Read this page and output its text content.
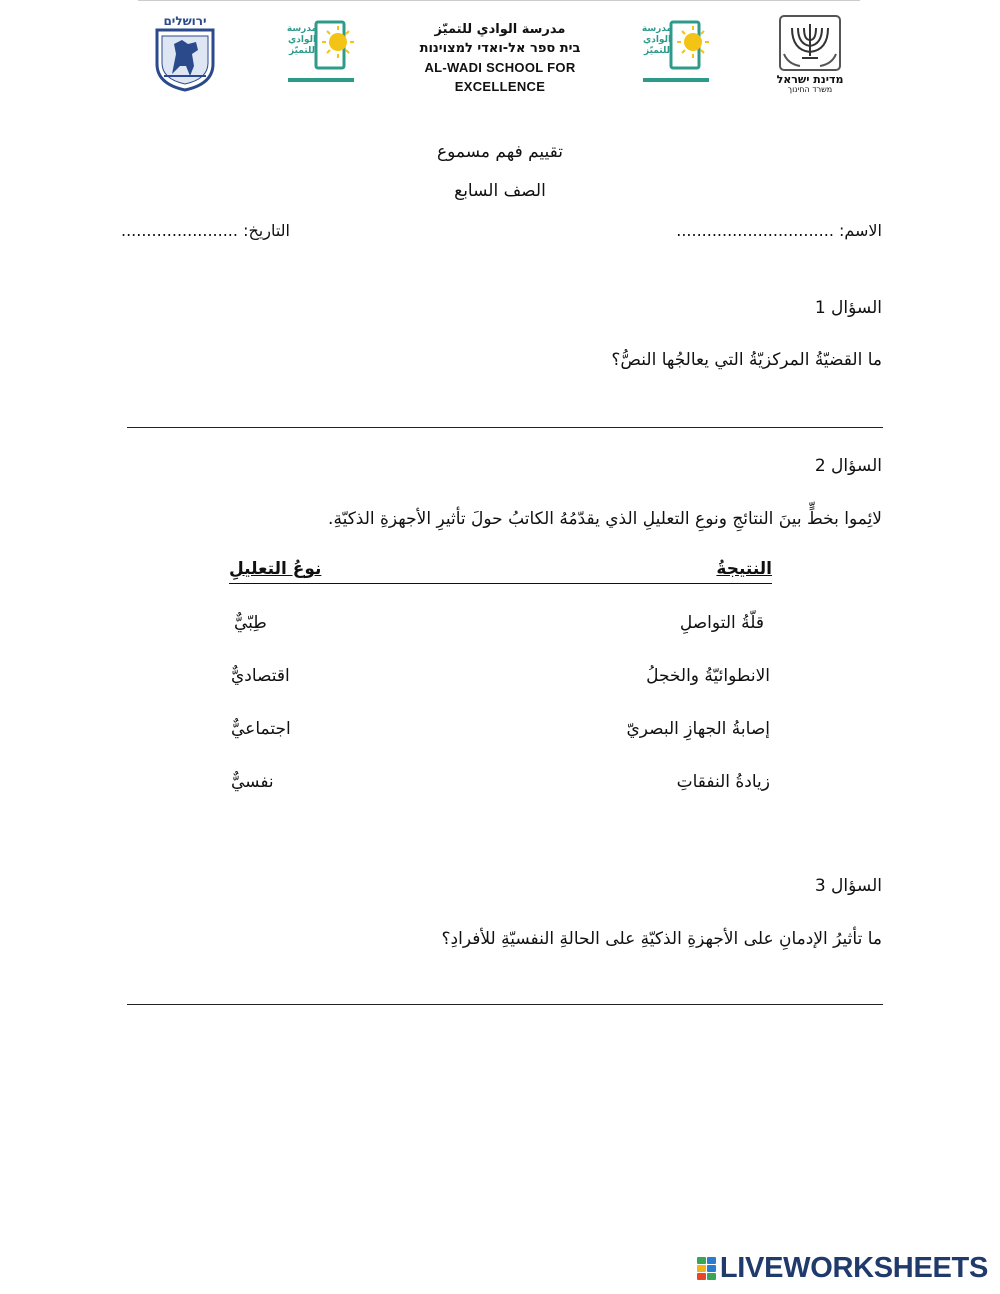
ירושלים
مدرسة الوادي للتميّز
مدرسة الوادي للتميّز
בית ספר אל-ואדי למצוינות
AL-WADI SCHOOL FOR EXCELLENCE
مدرسة الوادي للتميّز
מדינת ישראל
משרד החינוך
تقييم فهم مسموع
الصف السابع
الاسم: ...............................
التاريخ: .......................
السؤال 1
ما القضيّةُ المركزيّةُ التي يعالجُها النصُّ؟
السؤال 2
لائِموا بخطٍّ بينَ النتائجِ ونوعِ التعليلِ الذي يقدّمُهُ الكاتبُ حولَ تأثيرِ الأجهزةِ الذكيّةِ.
النتيجةُ
نوعُ التعليلِ
قلّةُ التواصلِ
الانطوائيّةُ والخجلُ
إصابةُ الجهازِ البصريّ
زيادةُ النفقاتِ
طِبّيٌّ
اقتصاديٌّ
اجتماعيٌّ
نفسيٌّ
السؤال 3
ما تأثيرُ الإدمانِ على الأجهزةِ الذكيّةِ على الحالةِ النفسيّةِ للأفرادِ؟
LIVEWORKSHEETS
